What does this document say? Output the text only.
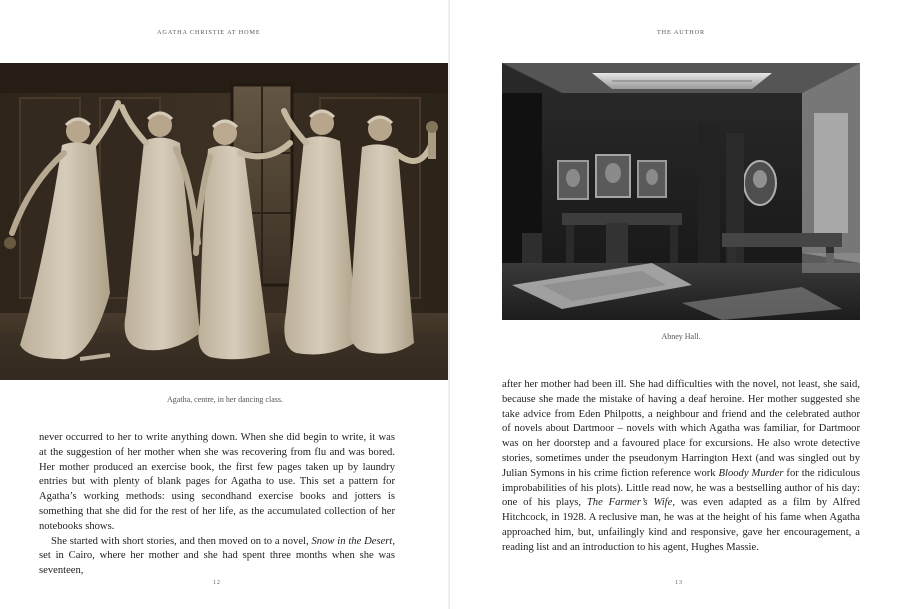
AGATHA CHRISTIE AT HOME
Agatha, centre, in her dancing class.

never occurred to her to write anything down. When she did begin to write, it was at the suggestion of her mother when she was recovering from flu and was bored. Her mother produced an exercise book, the first few pages taken up by laundry entries but with plenty of blank pages for Agatha to use. This set a pattern for Agatha’s working methods: using secondhand exercise books and jotters is something that she did for the rest of her life, as the accumulated collection of her notebooks shows.

She started with short stories, and then moved on to a novel, Snow in the Desert, set in Cairo, where her mother and she had spent three months when she was seventeen,

12
THE AUTHOR
Abney Hall.

after her mother had been ill. She had difficulties with the novel, not least, she said, because she made the mistake of having a deaf heroine. Her mother suggested she take advice from Eden Philpotts, a neighbour and friend and the celebrated author of novels about Dartmoor – novels with which Agatha was familiar, for Dartmoor was on her doorstep and a favoured place for excursions. He also wrote detective stories, sometimes under the pseudonym Harrington Hext (and was singled out by Julian Symons in his crime fiction reference work Bloody Murder for the ridiculous improbabilities of his plots). Little read now, he was a bestselling author of his day: one of his plays, The Farmer’s Wife, was even adapted as a film by Alfred Hitchcock, in 1928. A reclusive man, he was at the height of his fame when Agatha approached him, but, unfailingly kind and responsive, gave her encouragement, a reading list and an introduction to his agent, Hughes Massie.

13
